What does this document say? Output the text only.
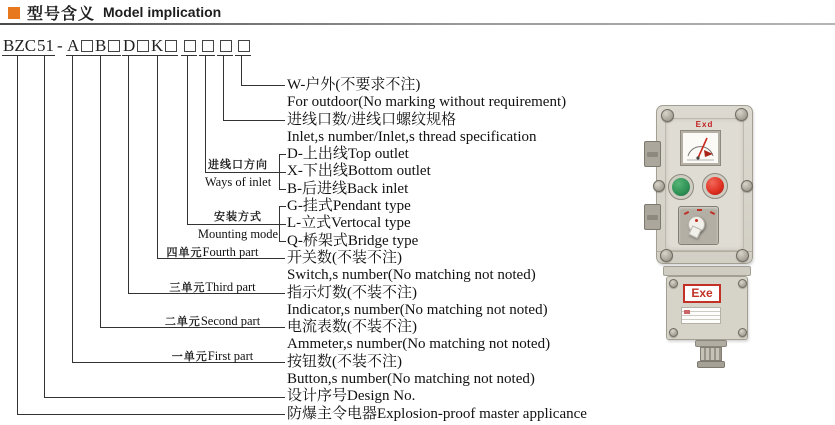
型号含义 Model implication
BZC 51 - A B D K
W-户外(不要求不注)
For outdoor(No marking without requirement)
进线口数/进线口螺纹规格
Inlet,s number/Inlet,s thread specification
D-上出线Top outlet
X-下出线Bottom outlet
B-后进线Back inlet
G-挂式Pendant type
L-立式Vertocal type
Q-桥架式Bridge type
开关数(不装不注)
Switch,s number(No matching not noted)
指示灯数(不装不注)
Indicator,s number(No matching not noted)
电流表数(不装不注)
Ammeter,s number(No matching not noted)
按钮数(不装不注)
Button,s number(No matching not noted)
设计序号Design No.
防爆主令电器Explosion-proof master applicance
进线口方向
Ways of inlet
安装方式
Mounting mode
四单元Fourth part
三单元Third part
二单元Second part
一单元First part
Exd
Exe
